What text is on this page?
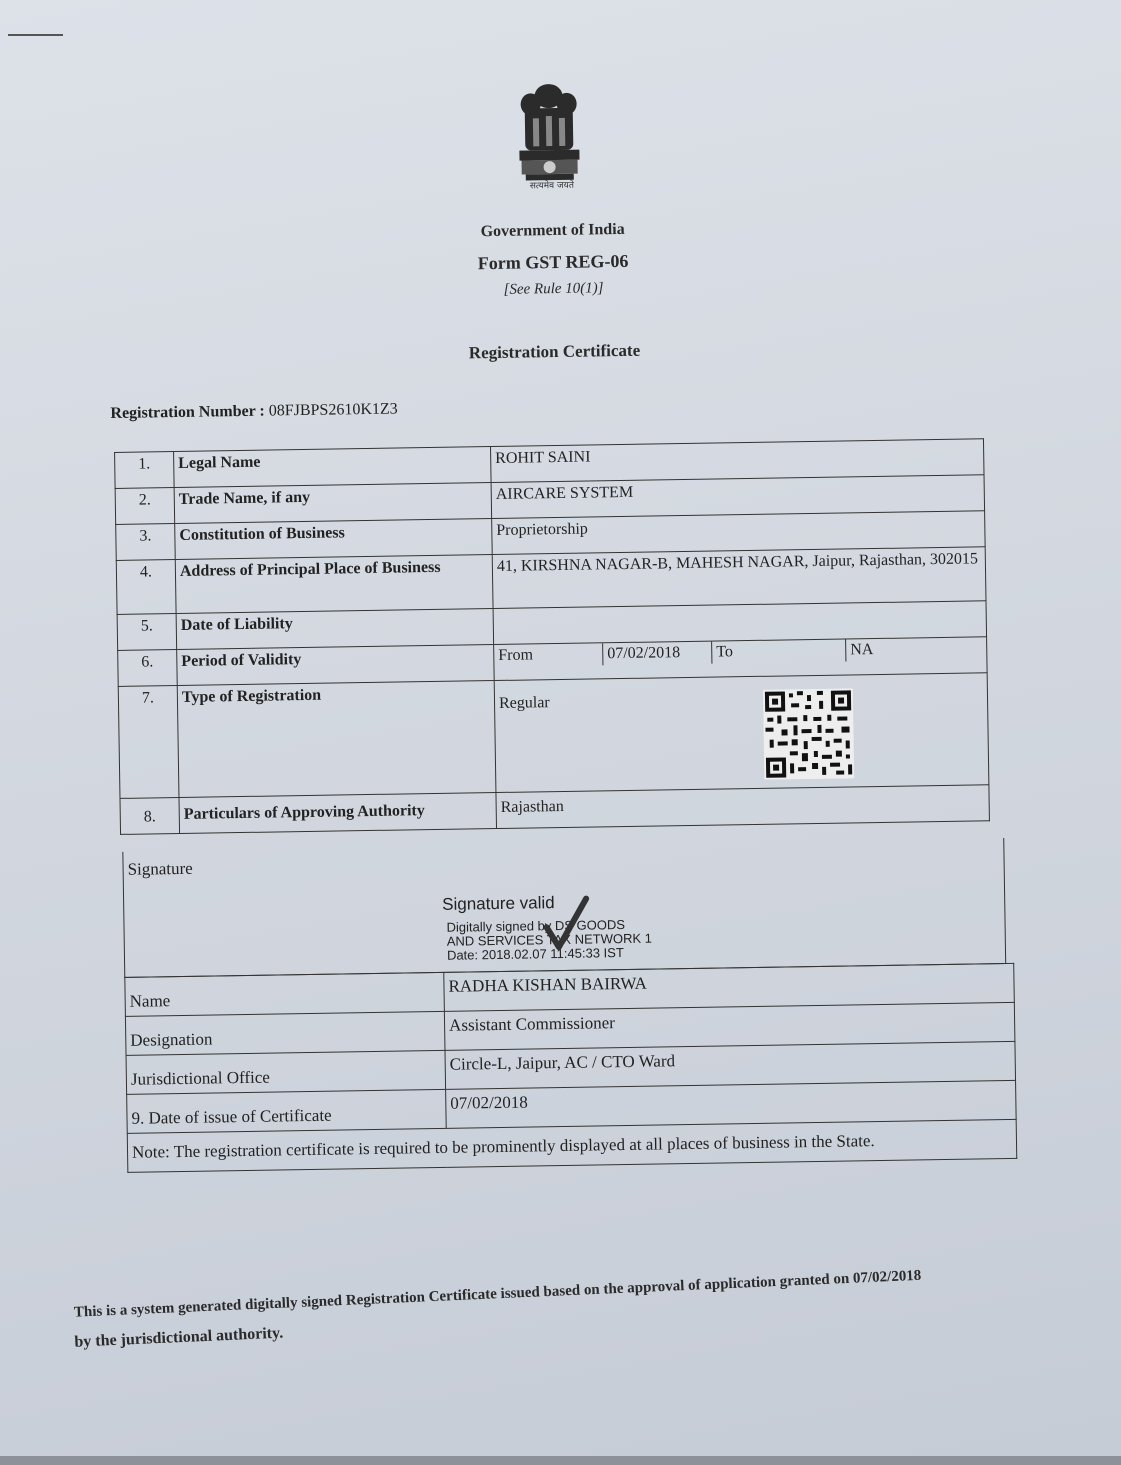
सत्यमेव जयते
Government of India
Form GST REG-06
[See Rule 10(1)]
Registration Certificate
Registration Number : 08FJBPS2610K1Z3
1.	Legal Name	ROHIT SAINI
2.	Trade Name, if any	AIRCARE SYSTEM
3.	Constitution of Business	Proprietorship
4.	Address of Principal Place of Business	41, KIRSHNA NAGAR-B, MAHESH NAGAR, Jaipur, Rajasthan, 302015
5.	Date of Liability	
6.	Period of Validity	From 07/02/2018 To NA

7.	Type of Registration	Regular
8.	Particulars of Approving Authority	Rajasthan
Signature
Signature valid
Digitally signed by DS GOODS
AND SERVICES TAX NETWORK 1
Date: 2018.02.07 11:45:33 IST
Name	RADHA KISHAN BAIRWA
Designation	Assistant Commissioner
Jurisdictional Office	Circle-L, Jaipur, AC / CTO Ward
9. Date of issue of Certificate	07/02/2018
Note: The registration certificate is required to be prominently displayed at all places of business in the State.	
This is a system generated digitally signed Registration Certificate issued based on the approval of application granted on 07/02/2018
by the jurisdictional authority.
